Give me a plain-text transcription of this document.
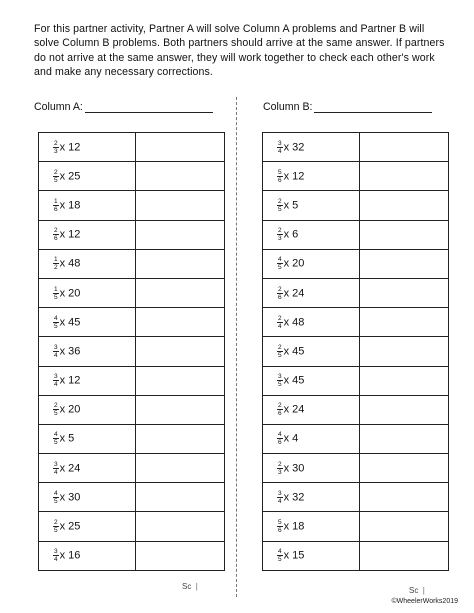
For this partner activity, Partner A will solve Column A problems and Partner B will solve Column B problems. Both partners should arrive at the same answer. If partners do not arrive at the same answer, they will work together to check each other's work and make any necessary corrections.
Column A:	Column B:
$\frac{2}{3}$ x 12	

$\frac{2}{5}$ x 25	

$\frac{1}{6}$ x 18	

$\frac{2}{6}$ x 12	

$\frac{1}{2}$ x 48	

$\frac{1}{5}$ x 20	

$\frac{4}{5}$ x 45	

$\frac{3}{4}$ x 36	

$\frac{3}{4}$ x 12	

$\frac{2}{5}$ x 20	

$\frac{4}{5}$ x 5	

$\frac{3}{4}$ x 24	

$\frac{4}{5}$ x 30	

$\frac{2}{5}$ x 25	

$\frac{3}{4}$ x 16	
$\frac{3}{4}$ x 32	

$\frac{5}{6}$ x 12	

$\frac{2}{5}$ x 5	

$\frac{2}{3}$ x 6	

$\frac{4}{5}$ x 20	

$\frac{2}{6}$ x 24	

$\frac{2}{4}$ x 48	

$\frac{2}{5}$ x 45	

$\frac{3}{5}$ x 45	

$\frac{2}{6}$ x 24	

$\frac{4}{6}$ x 4	

$\frac{2}{3}$ x 30	

$\frac{3}{4}$ x 32	

$\frac{5}{6}$ x 18	

$\frac{4}{5}$ x 15	
Sc |	Sc |
©WheelerWorks2019
